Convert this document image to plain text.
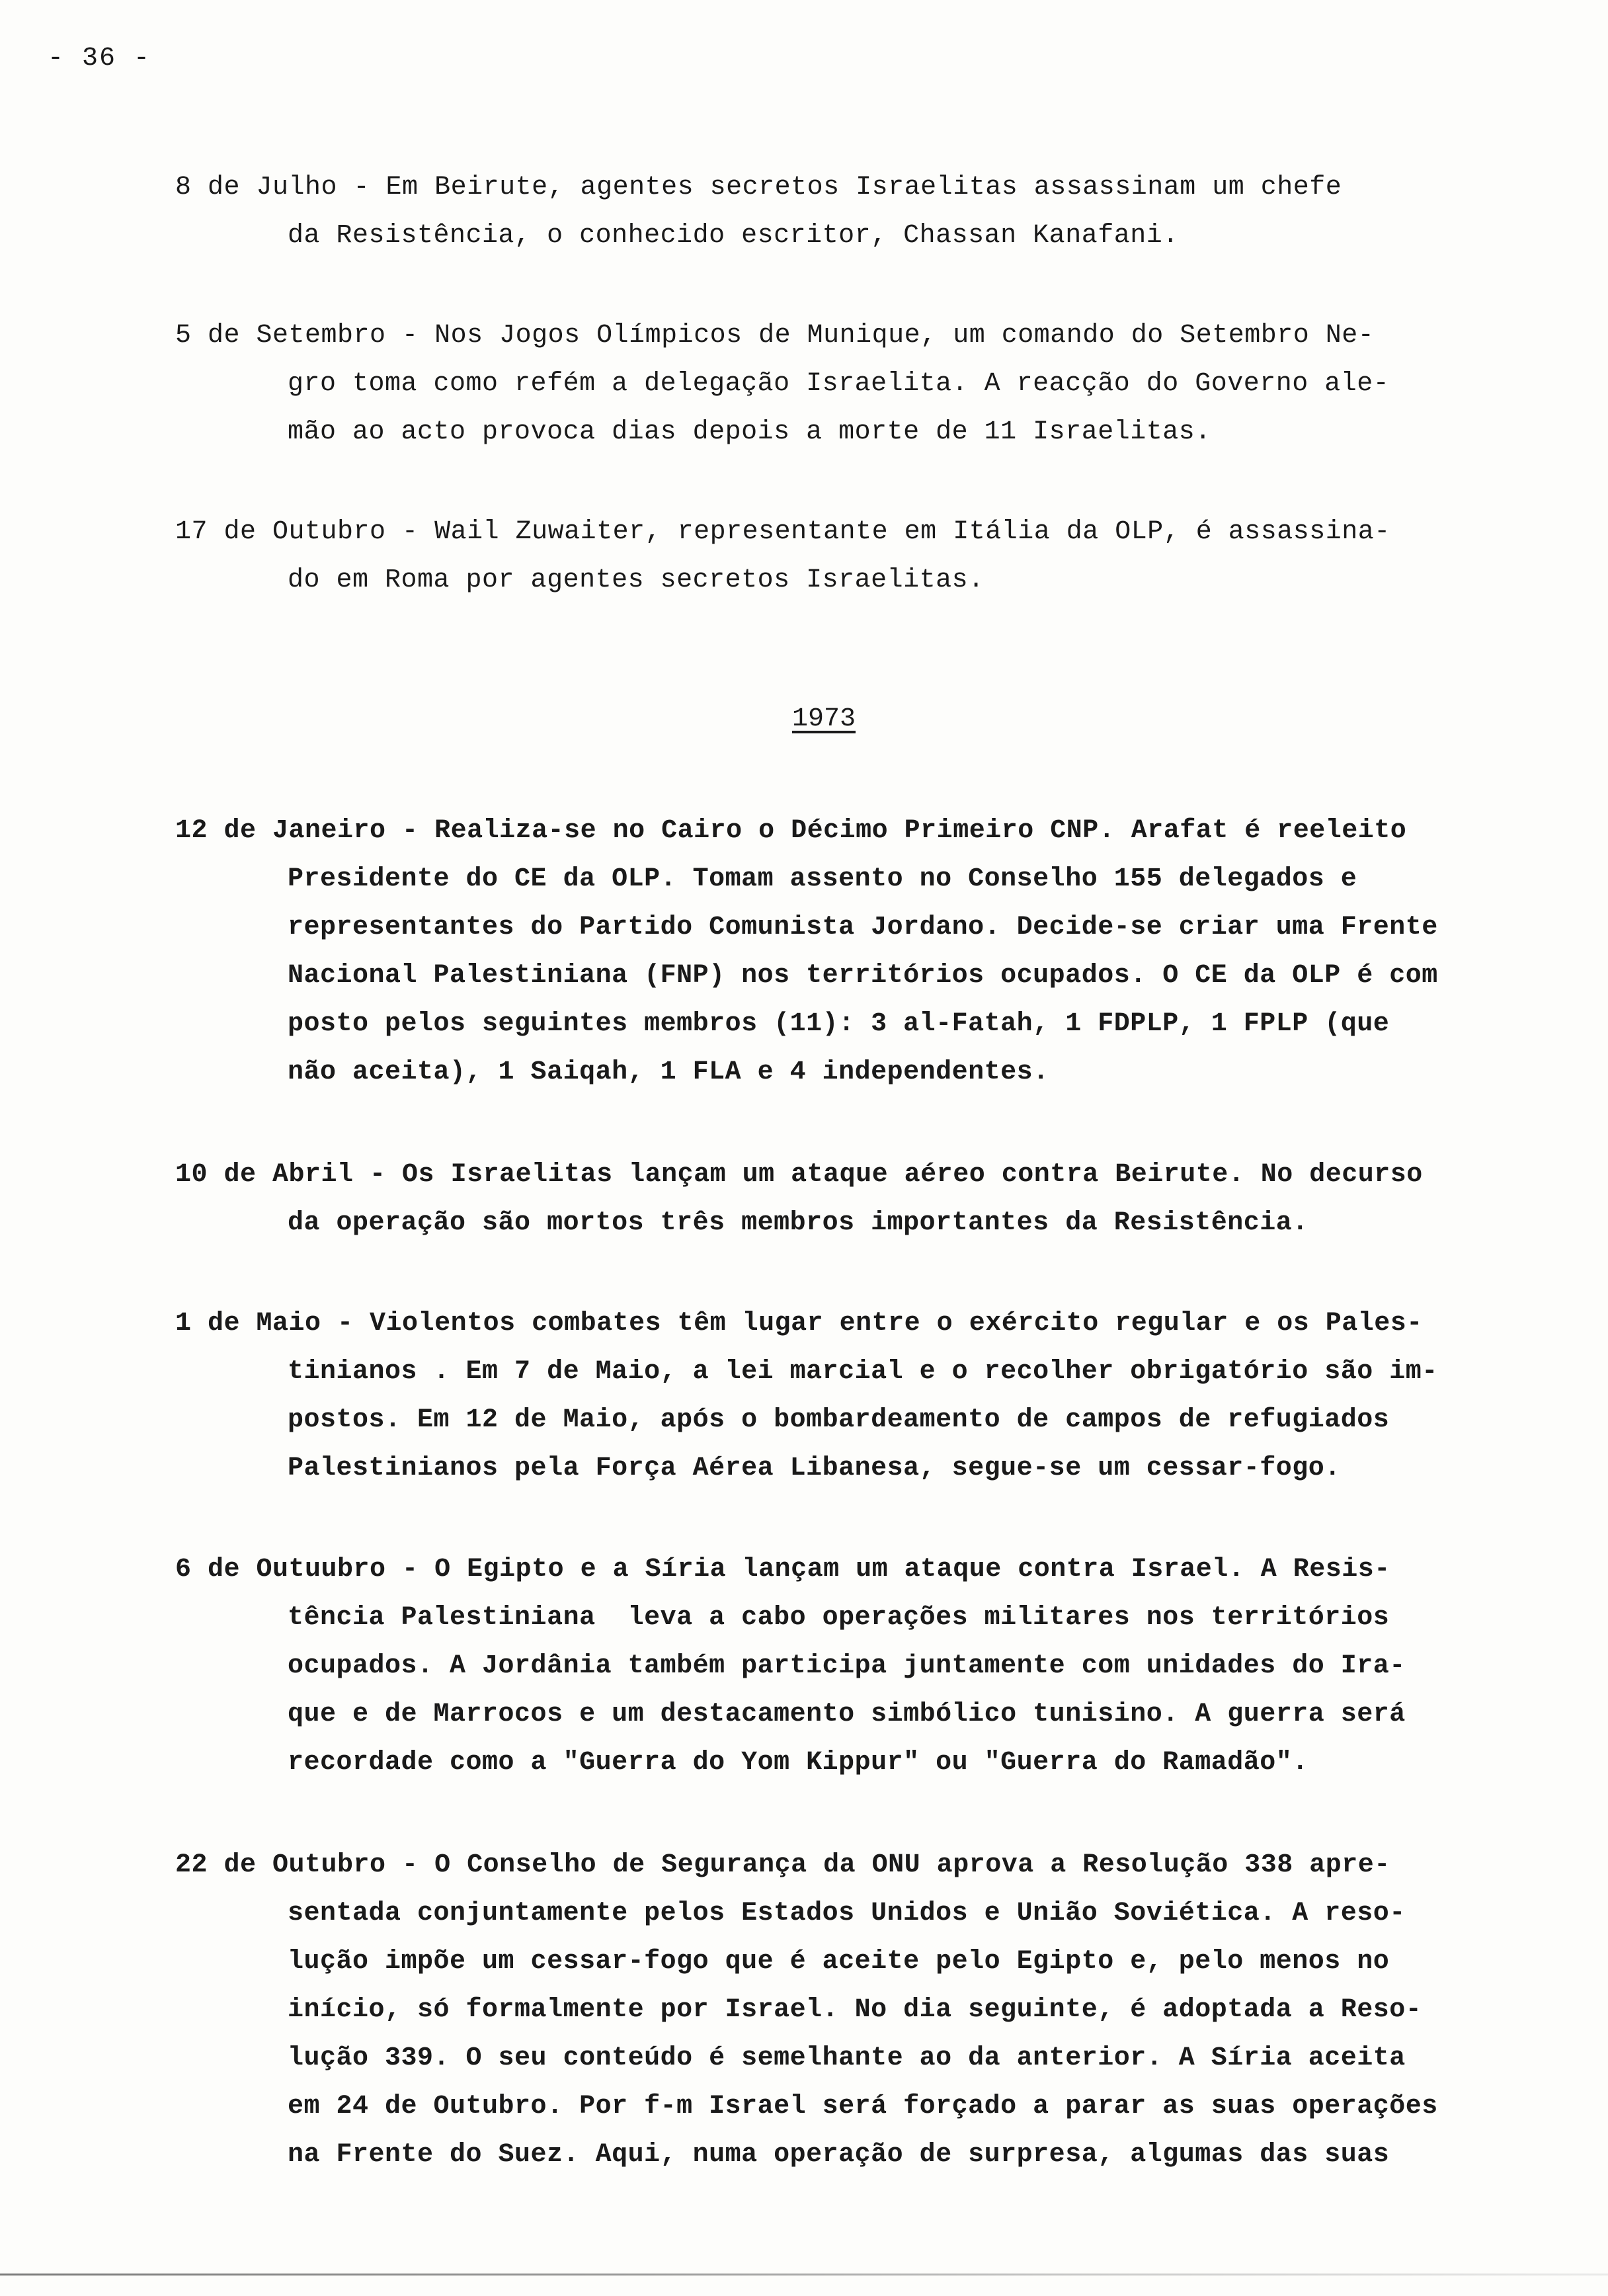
- 36 -
8 de Julho - Em Beirute, agentes secretos Israelitas assassinam um chefe
da Resistência, o conhecido escritor, Chassan Kanafani.
5 de Setembro - Nos Jogos Olímpicos de Munique, um comando do Setembro Ne-
gro toma como refém a delegação Israelita. A reacção do Governo ale-
mão ao acto provoca dias depois a morte de 11 Israelitas.
17 de Outubro - Wail Zuwaiter, representante em Itália da OLP, é assassina-
do em Roma por agentes secretos Israelitas.
1973
12 de Janeiro - Realiza-se no Cairo o Décimo Primeiro CNP. Arafat é reeleito
Presidente do CE da OLP. Tomam assento no Conselho 155 delegados e
representantes do Partido Comunista Jordano. Decide-se criar uma Frente
Nacional Palestiniana (FNP) nos territórios ocupados. O CE da OLP é com
posto pelos seguintes membros (11): 3 al-Fatah, 1 FDPLP, 1 FPLP (que
não aceita), 1 Saiqah, 1 FLA e 4 independentes.
10 de Abril - Os Israelitas lançam um ataque aéreo contra Beirute. No decurso
da operação são mortos três membros importantes da Resistência.
1 de Maio - Violentos combates têm lugar entre o exército regular e os Pales-
tinianos . Em 7 de Maio, a lei marcial e o recolher obrigatório são im-
postos. Em 12 de Maio, após o bombardeamento de campos de refugiados
Palestinianos pela Força Aérea Libanesa, segue-se um cessar-fogo.
6 de Outuubro - O Egipto e a Síria lançam um ataque contra Israel. A Resis-
tência Palestiniana  leva a cabo operações militares nos territórios
ocupados. A Jordânia também participa juntamente com unidades do Ira-
que e de Marrocos e um destacamento simbólico tunisino. A guerra será
recordade como a "Guerra do Yom Kippur" ou "Guerra do Ramadão".
22 de Outubro - O Conselho de Segurança da ONU aprova a Resolução 338 apre-
sentada conjuntamente pelos Estados Unidos e União Soviética. A reso-
lução impõe um cessar-fogo que é aceite pelo Egipto e, pelo menos no
início, só formalmente por Israel. No dia seguinte, é adoptada a Reso-
lução 339. O seu conteúdo é semelhante ao da anterior. A Síria aceita
em 24 de Outubro. Por f-m Israel será forçado a parar as suas operações
na Frente do Suez. Aqui, numa operação de surpresa, algumas das suas
